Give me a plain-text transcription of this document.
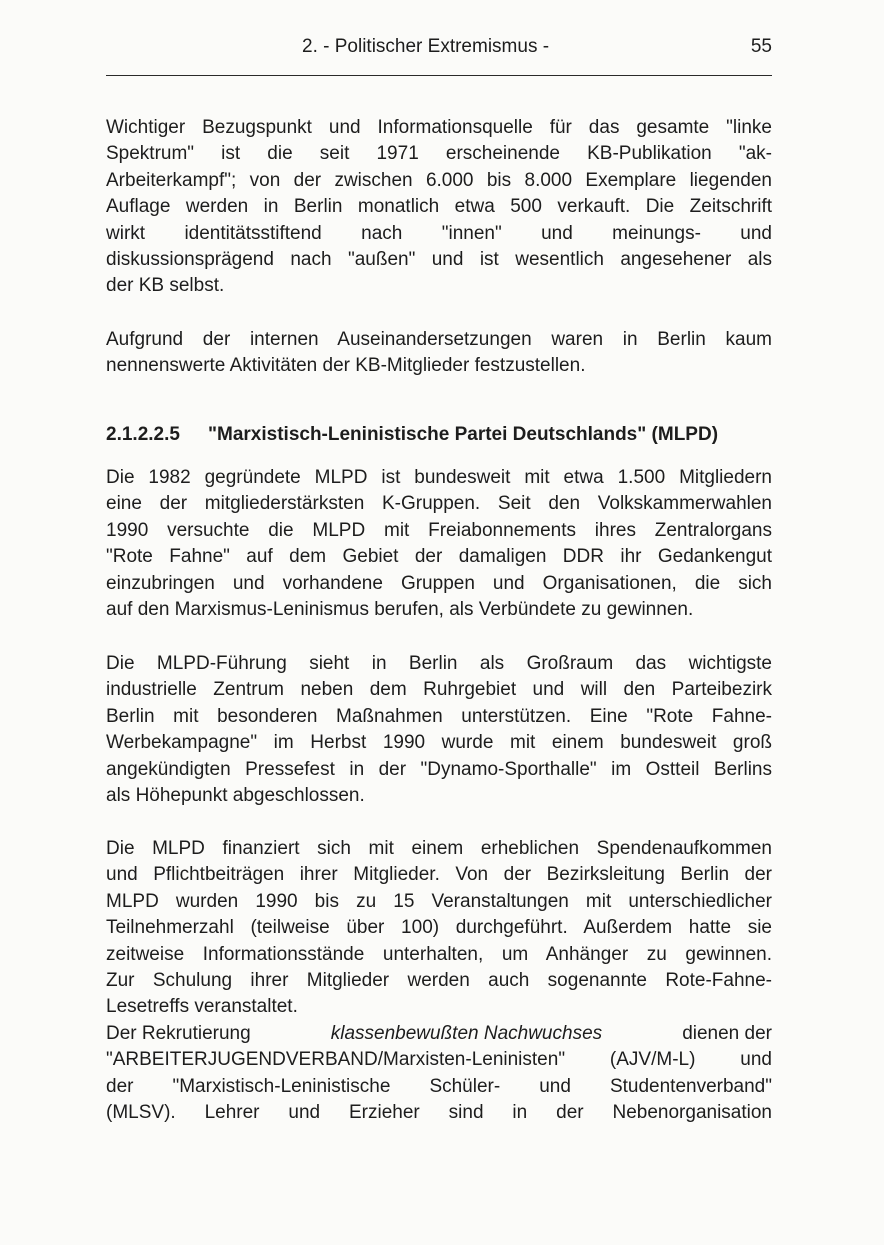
2. - Politischer Extremismus -	55

Wichtiger Bezugspunkt und Informationsquelle für das gesamte "linke
Spektrum" ist die seit 1971 erscheinende KB-Publikation "ak-
Arbeiterkampf"; von der zwischen 6.000 bis 8.000 Exemplare liegenden
Auflage werden in Berlin monatlich etwa 500 verkauft. Die Zeitschrift
wirkt identitätsstiftend nach "innen" und meinungs- und
diskussionsprägend nach "außen" und ist wesentlich angesehener als
der KB selbst.

Aufgrund der internen Auseinandersetzungen waren in Berlin kaum
nennenswerte Aktivitäten der KB-Mitglieder festzustellen.

2.1.2.2.5 "Marxistisch-Leninistische Partei Deutschlands" (MLPD)

Die 1982 gegründete MLPD ist bundesweit mit etwa 1.500 Mitgliedern
eine der mitgliederstärksten K-Gruppen. Seit den Volkskammerwahlen
1990 versuchte die MLPD mit Freiabonnements ihres Zentralorgans
"Rote Fahne" auf dem Gebiet der damaligen DDR ihr Gedankengut
einzubringen und vorhandene Gruppen und Organisationen, die sich
auf den Marxismus-Leninismus berufen, als Verbündete zu gewinnen.

Die MLPD-Führung sieht in Berlin als Großraum das wichtigste
industrielle Zentrum neben dem Ruhrgebiet und will den Parteibezirk
Berlin mit besonderen Maßnahmen unterstützen. Eine "Rote Fahne-
Werbekampagne" im Herbst 1990 wurde mit einem bundesweit groß
angekündigten Pressefest in der "Dynamo-Sporthalle" im Ostteil Berlins
als Höhepunkt abgeschlossen.

Die MLPD finanziert sich mit einem erheblichen Spendenaufkommen
und Pflichtbeiträgen ihrer Mitglieder. Von der Bezirksleitung Berlin der
MLPD wurden 1990 bis zu 15 Veranstaltungen mit unterschiedlicher
Teilnehmerzahl (teilweise über 100) durchgeführt. Außerdem hatte sie
zeitweise Informationsstände unterhalten, um Anhänger zu gewinnen.
Zur Schulung ihrer Mitglieder werden auch sogenannte Rote-Fahne-
Lesetreffs veranstaltet.

Der Rekrutierung	klassenbewußten Nachwuchses	dienen der
"ARBEITERJUGENDVERBAND/Marxisten-Leninisten" (AJV/M-L) und
der "Marxistisch-Leninistische Schüler- und Studentenverband"
(MLSV). Lehrer und Erzieher sind in der Nebenorganisation
